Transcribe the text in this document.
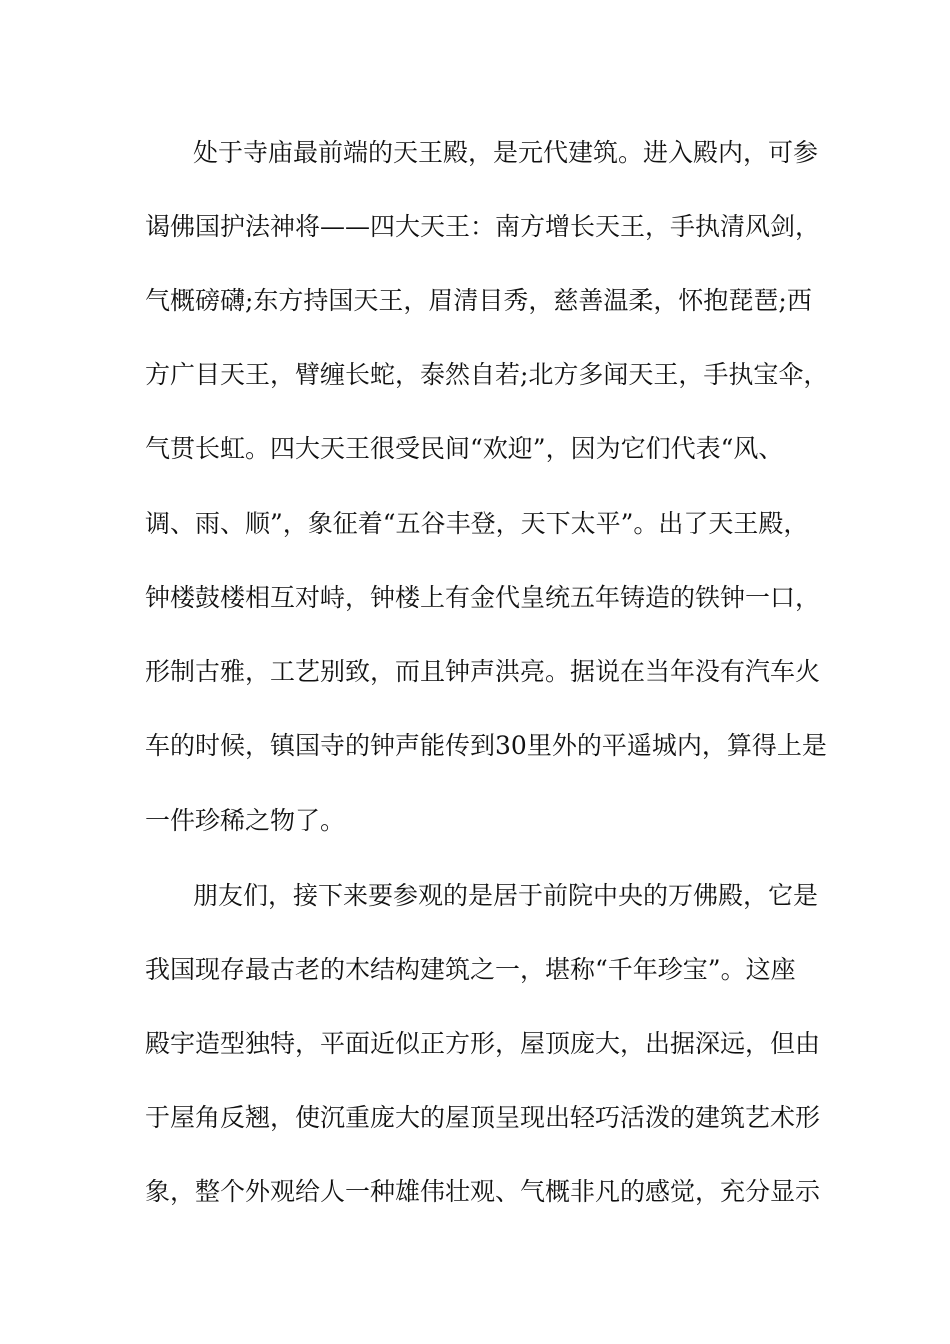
处于寺庙最前端的天王殿，是元代建筑。进入殿内，可参
谒佛国护法神将——四大天王：南方增长天王，手执清风剑，
气概磅礴;东方持国天王，眉清目秀，慈善温柔，怀抱琵琶;西
方广目天王，臂缠长蛇，泰然自若;北方多闻天王，手执宝伞，
气贯长虹。四大天王很受民间“欢迎”，因为它们代表“风、
调、雨、顺”，象征着“五谷丰登，天下太平”。出了天王殿，
钟楼鼓楼相互对峙，钟楼上有金代皇统五年铸造的铁钟一口，
形制古雅，工艺别致，而且钟声洪亮。据说在当年没有汽车火
车的时候，镇国寺的钟声能传到30里外的平遥城内，算得上是
一件珍稀之物了。
朋友们，接下来要参观的是居于前院中央的万佛殿，它是
我国现存最古老的木结构建筑之一，堪称“千年珍宝”。这座
殿宇造型独特，平面近似正方形，屋顶庞大，出据深远，但由
于屋角反翘，使沉重庞大的屋顶呈现出轻巧活泼的建筑艺术形
象，整个外观给人一种雄伟壮观、气概非凡的感觉，充分显示
